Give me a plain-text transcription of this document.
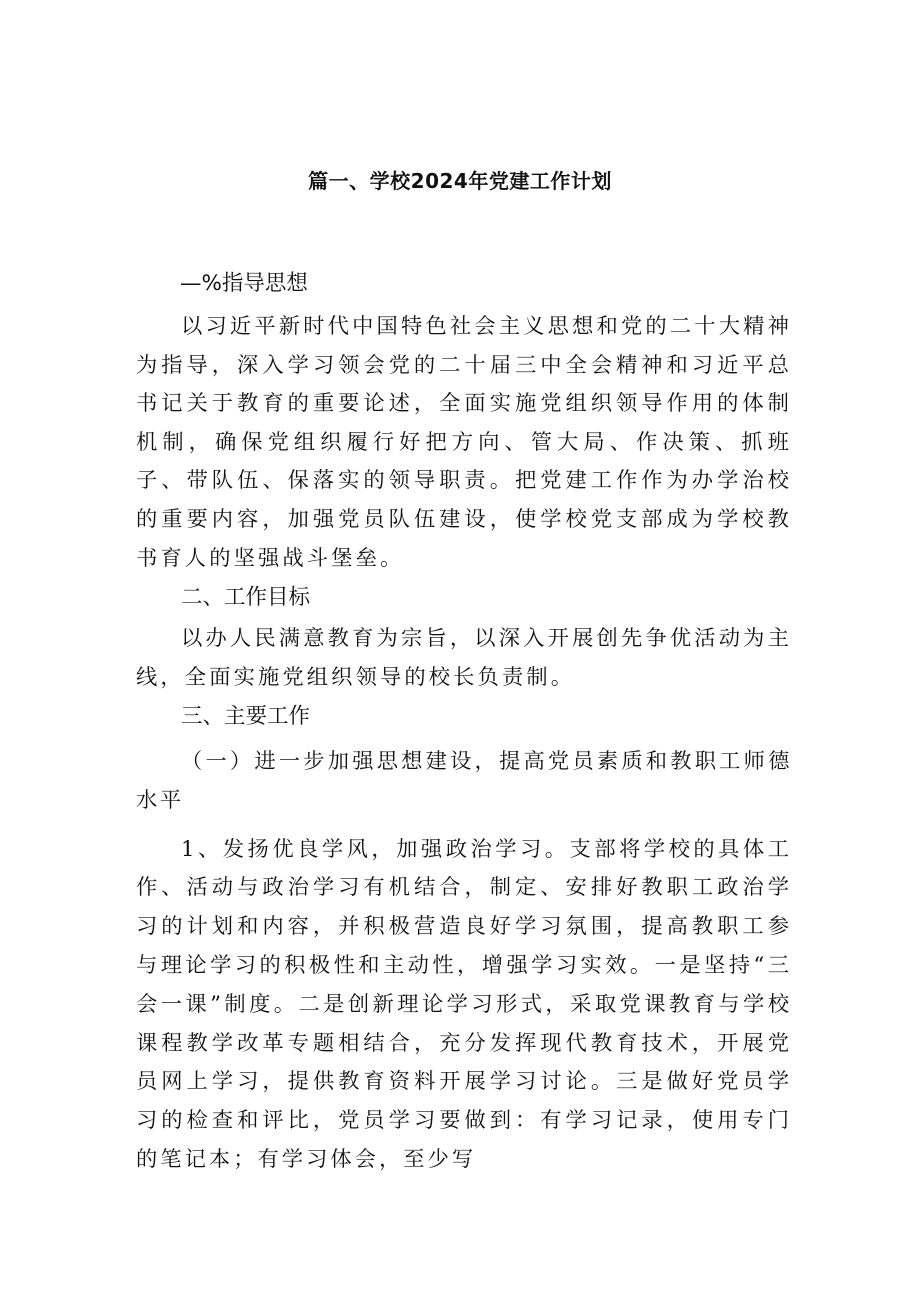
篇一、学校2024年党建工作计划
—%指导思想

以习近平新时代中国特色社会主义思想和党的二十大精神为指导，深入学习领会党的二十届三中全会精神和习近平总书记关于教育的重要论述，全面实施党组织领导作用的体制机制，确保党组织履行好把方向、管大局、作决策、抓班子、带队伍、保落实的领导职责。把党建工作作为办学治校的重要内容，加强党员队伍建设，使学校党支部成为学校教书育人的坚强战斗堡垒。

二、工作目标

以办人民满意教育为宗旨，以深入开展创先争优活动为主线，全面实施党组织领导的校长负责制。

三、主要工作

（一）进一步加强思想建设，提高党员素质和教职工师德水平

1、发扬优良学风，加强政治学习。支部将学校的具体工作、活动与政治学习有机结合，制定、安排好教职工政治学习的计划和内容，并积极营造良好学习氛围，提高教职工参与理论学习的积极性和主动性，增强学习实效。一是坚持“三会一课”制度。二是创新理论学习形式，采取党课教育与学校课程教学改革专题相结合，充分发挥现代教育技术，开展党员网上学习，提供教育资料开展学习讨论。三是做好党员学习的检查和评比，党员学习要做到：有学习记录，使用专门的笔记本；有学习体会，至少写
